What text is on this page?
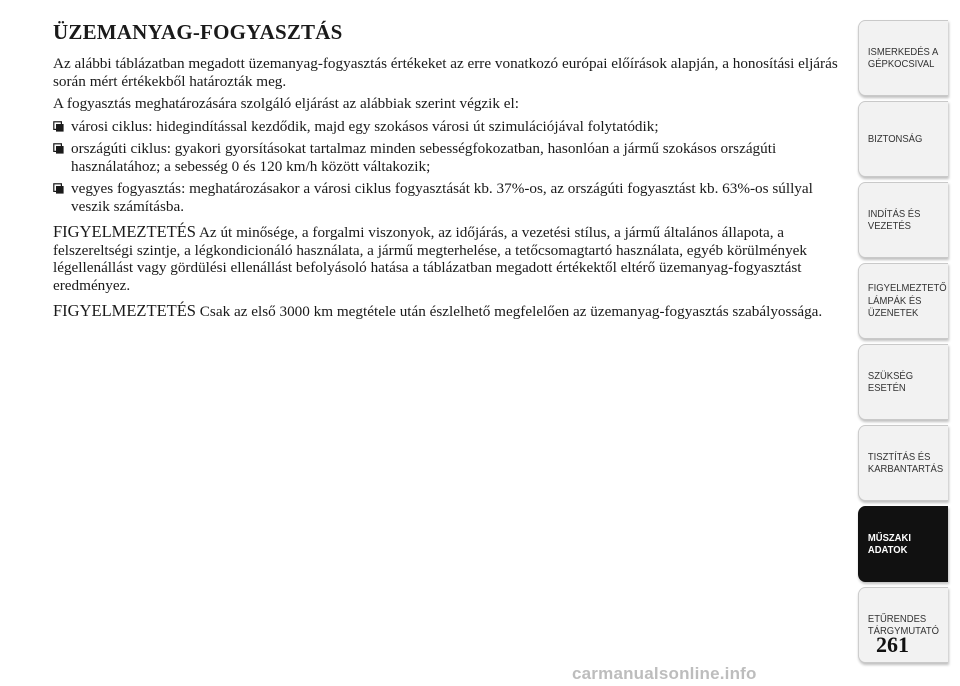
ÜZEMANYAG-FOGYASZTÁS

Az alábbi táblázatban megadott üzemanyag-fogyasztás értékeket az erre vonatkozó európai előírások alapján, a honosítási eljárás során mért értékekből határozták meg.

A fogyasztás meghatározására szolgáló eljárást az alábbiak szerint végzik el:

városi ciklus: hidegindítással kezdődik, majd egy szokásos városi út szimulációjával folytatódik;
országúti ciklus: gyakori gyorsításokat tartalmaz minden sebességfokozatban, hasonlóan a jármű szokásos országúti használatához; a sebesség 0 és 120 km/h között váltakozik;
vegyes fogyasztás: meghatározásakor a városi ciklus fogyasztását kb. 37%-os, az országúti fogyasztást kb. 63%-os súllyal veszik számításba.

FIGYELMEZTETÉS Az út minősége, a forgalmi viszonyok, az időjárás, a vezetési stílus, a jármű általános állapota, a felszereltségi szintje, a légkondicionáló használata, a jármű megterhelése, a tetőcsomagtartó használata, egyéb körülmények légellenállást vagy gördülési ellenállást befolyásoló hatása a táblázatban megadott értékektől eltérő üzemanyag-fogyasztást eredményez.

FIGYELMEZTETÉS Csak az első 3000 km megtétele után észlelhető megfelelően az üzemanyag-fogyasztás szabályossága.

ISMERKEDÉS A
GÉPKOCSIVAL
BIZTONSÁG
INDÍTÁS ÉS
VEZETÉS
FIGYELMEZTETŐ
LÁMPÁK ÉS
ÜZENETEK
SZÜKSÉG ESETÉN
TISZTÍTÁS ÉS
KARBANTARTÁS
MŰSZAKI ADATOK
ETŰRENDES
TÁRGYMUTATÓ
261
carmanualsonline.info
